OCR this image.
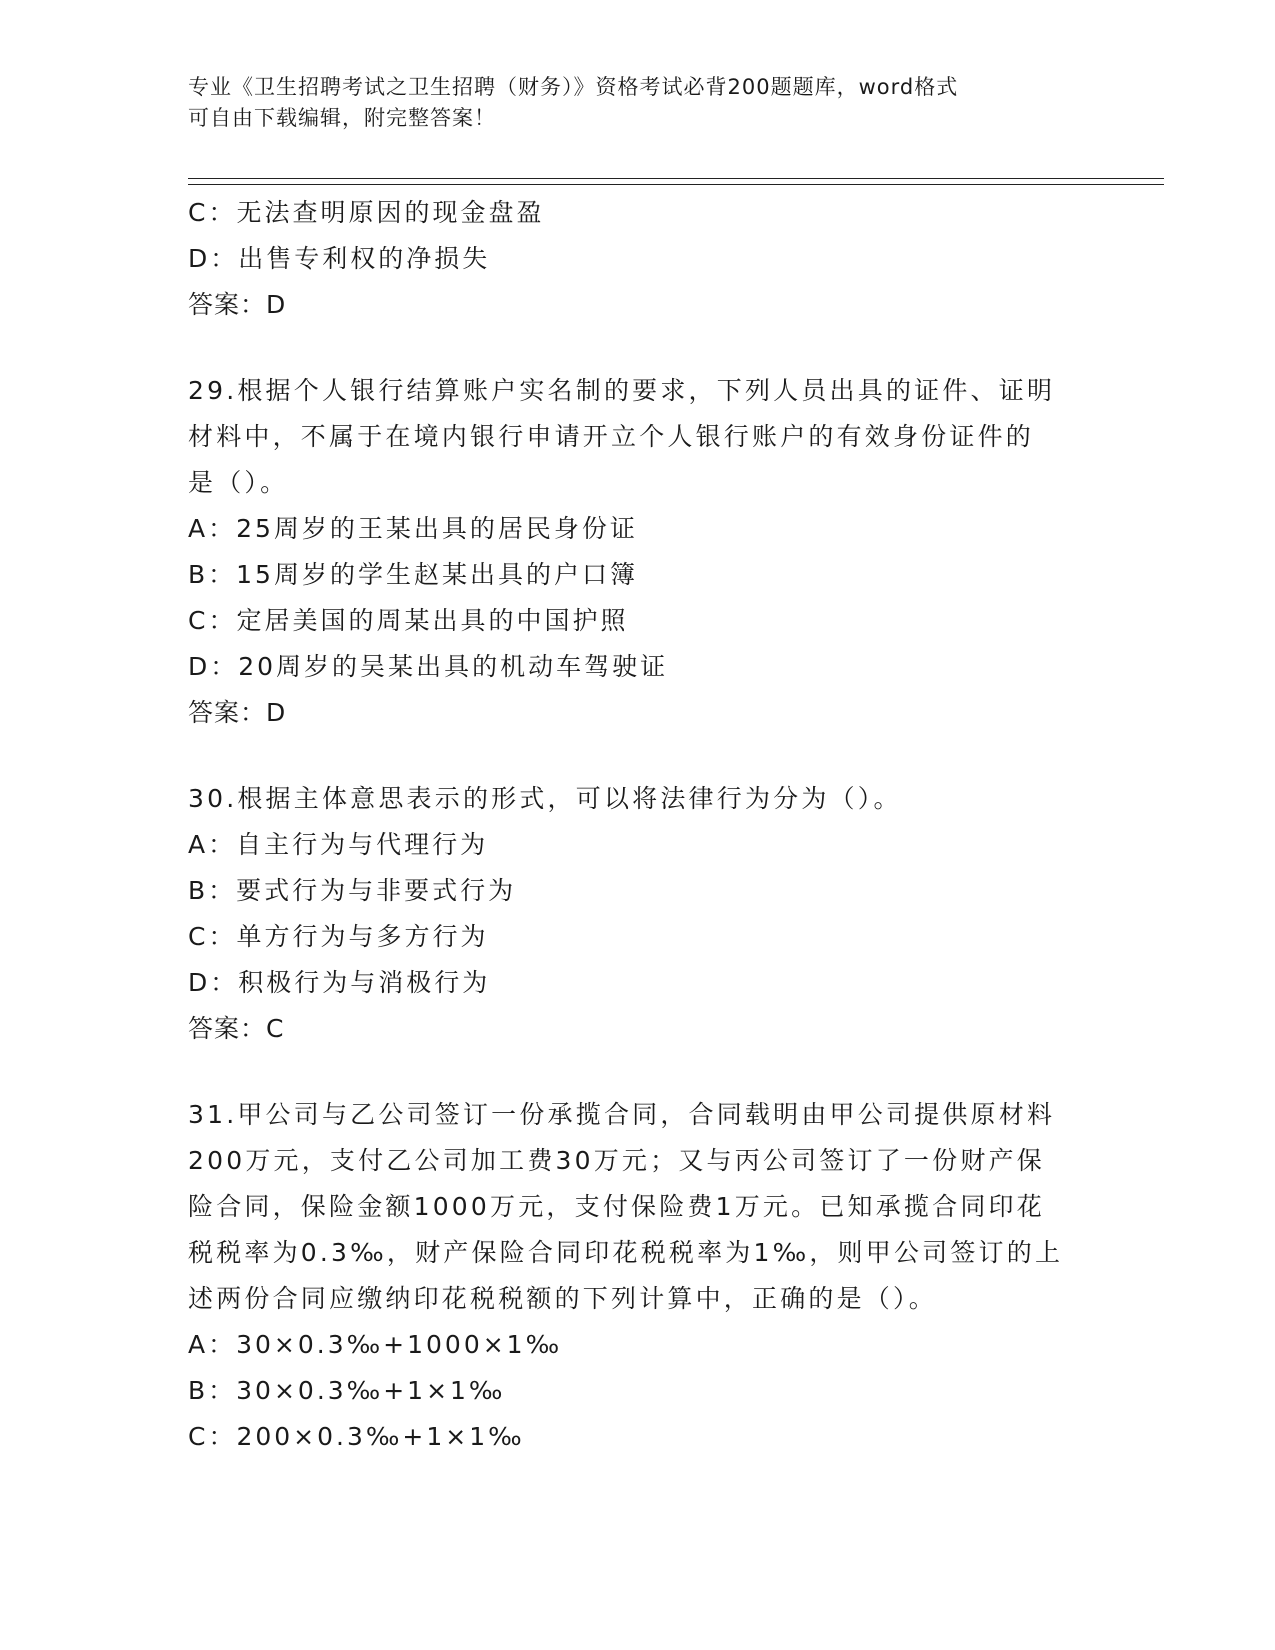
专业《卫生招聘考试之卫生招聘（财务）》资格考试必背200题题库，word格式
可自由下载编辑，附完整答案！
C：无法查明原因的现金盘盈
D：出售专利权的净损失
答案：D
29.根据个人银行结算账户实名制的要求，下列人员出具的证件、证明
材料中，不属于在境内银行申请开立个人银行账户的有效身份证件的
是（）。
A：25周岁的王某出具的居民身份证
B：15周岁的学生赵某出具的户口簿
C：定居美国的周某出具的中国护照
D：20周岁的吴某出具的机动车驾驶证
答案：D
30.根据主体意思表示的形式，可以将法律行为分为（）。
A：自主行为与代理行为
B：要式行为与非要式行为
C：单方行为与多方行为
D：积极行为与消极行为
答案：C
31.甲公司与乙公司签订一份承揽合同，合同载明由甲公司提供原材料
200万元，支付乙公司加工费30万元；又与丙公司签订了一份财产保
险合同，保险金额1000万元，支付保险费1万元。已知承揽合同印花
税税率为0.3‰，财产保险合同印花税税率为1‰，则甲公司签订的上
述两份合同应缴纳印花税税额的下列计算中，正确的是（）。
A：30×0.3‰+1000×1‰
B：30×0.3‰+1×1‰
C：200×0.3‰+1×1‰
